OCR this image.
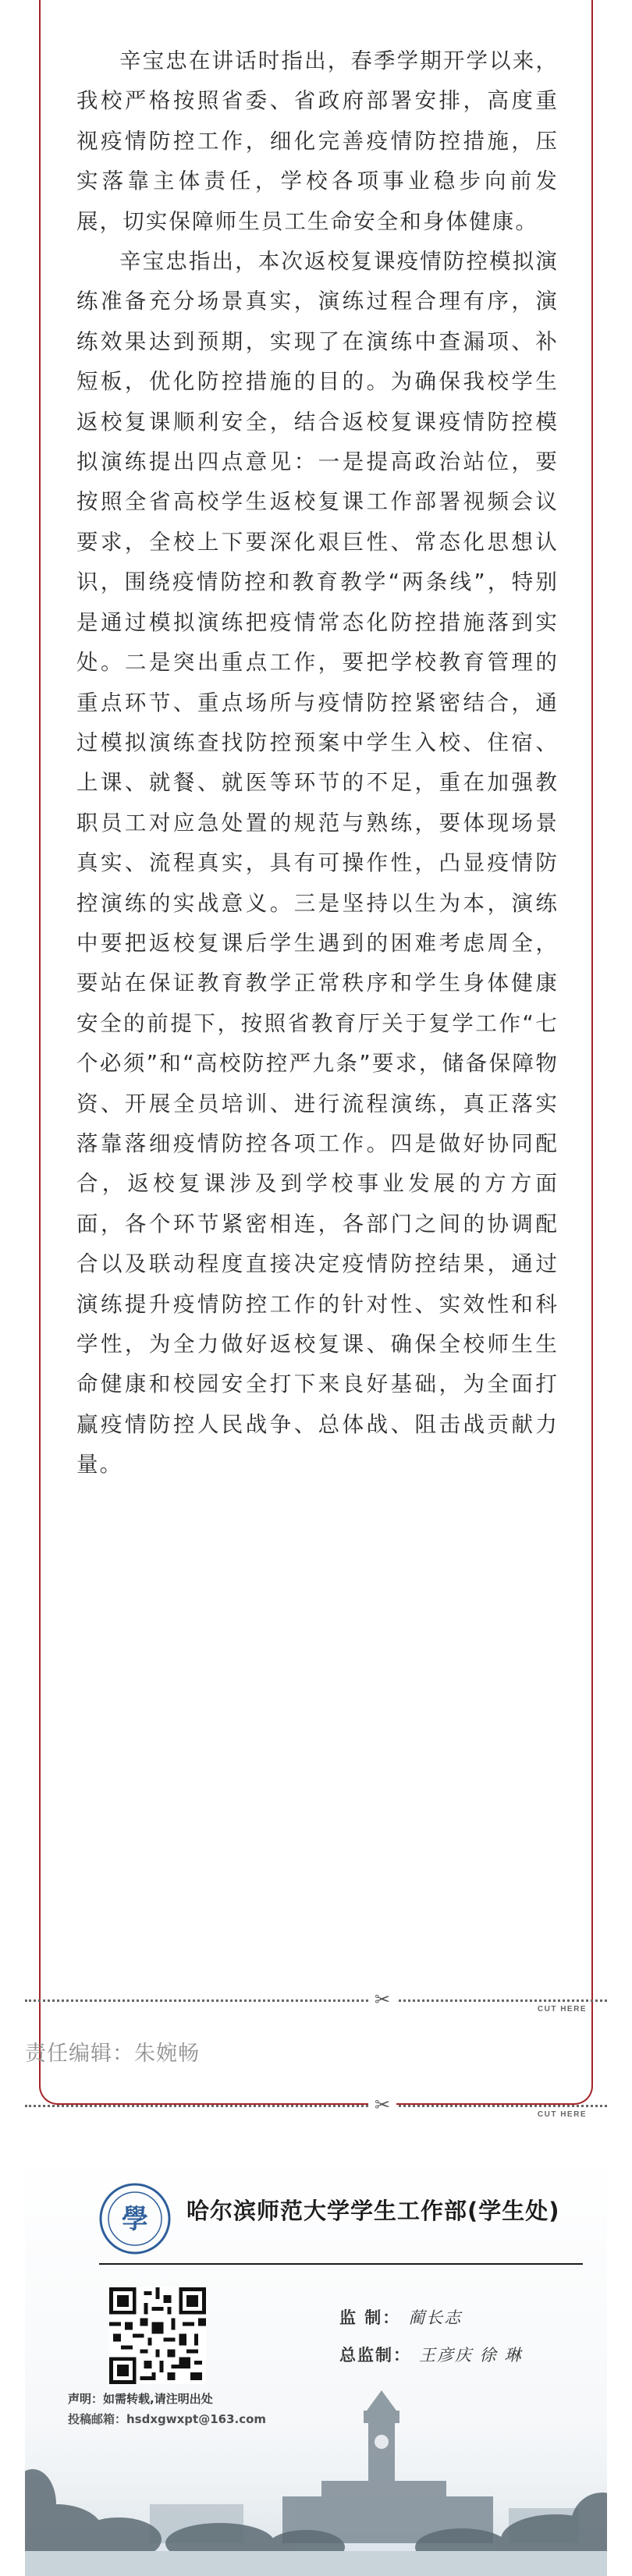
辛宝忠在讲话时指出，春季学期开学以来，我校严格按照省委、省政府部署安排，高度重视疫情防控工作，细化完善疫情防控措施，压实落靠主体责任，学校各项事业稳步向前发展，切实保障师生员工生命安全和身体健康。

辛宝忠指出，本次返校复课疫情防控模拟演练准备充分场景真实，演练过程合理有序，演练效果达到预期，实现了在演练中查漏项、补短板，优化防控措施的目的。为确保我校学生返校复课顺利安全，结合返校复课疫情防控模拟演练提出四点意见：一是提高政治站位，要按照全省高校学生返校复课工作部署视频会议要求，全校上下要深化艰巨性、常态化思想认识，围绕疫情防控和教育教学“两条线”，特别是通过模拟演练把疫情常态化防控措施落到实处。二是突出重点工作，要把学校教育管理的重点环节、重点场所与疫情防控紧密结合，通过模拟演练查找防控预案中学生入校、住宿、上课、就餐、就医等环节的不足，重在加强教职员工对应急处置的规范与熟练，要体现场景真实、流程真实，具有可操作性，凸显疫情防控演练的实战意义。三是坚持以生为本，演练中要把返校复课后学生遇到的困难考虑周全，要站在保证教育教学正常秩序和学生身体健康安全的前提下，按照省教育厅关于复学工作“七个必须”和“高校防控严九条”要求，储备保障物资、开展全员培训、进行流程演练，真正落实落靠落细疫情防控各项工作。四是做好协同配合，返校复课涉及到学校事业发展的方方面面，各个环节紧密相连，各部门之间的协调配合以及联动程度直接决定疫情防控结果，通过演练提升疫情防控工作的针对性、实效性和科学性，为全力做好返校复课、确保全校师生生命健康和校园安全打下来良好基础，为全面打赢疫情防控人民战争、总体战、阻击战贡献力量。

✂	CUT HERE
责任编辑：朱婉畅
✂	CUT HERE
學 哈尔滨师范大学学生工作部(学生处)
监 制： 蔺长志
总监制： 王彦庆 徐 琳
